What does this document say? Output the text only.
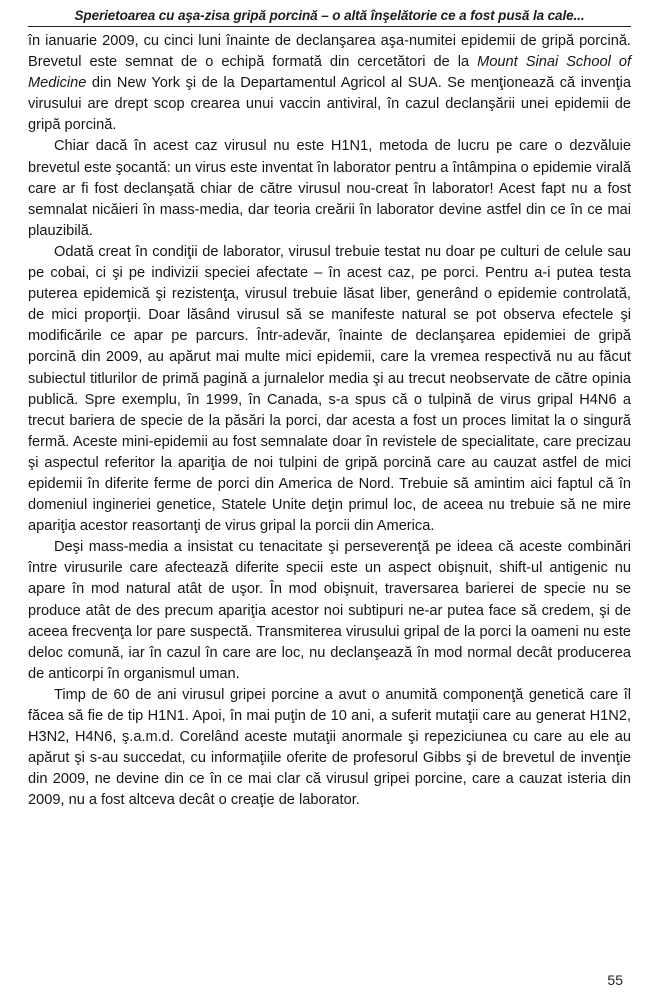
Sperietoarea cu aşa-zisa gripă porcină – o altă înşelătorie ce a fost pusă la cale...

în ianuarie 2009, cu cinci luni înainte de declanşarea aşa-numitei epidemii de gripă porcină. Brevetul este semnat de o echipă formată din cercetători de la Mount Sinai School of Medicine din New York şi de la Departamentul Agricol al SUA. Se menţionează că invenţia virusului are drept scop crearea unui vaccin antiviral, în cazul declanşării unei epidemii de gripă porcină.

Chiar dacă în acest caz virusul nu este H1N1, metoda de lucru pe care o dezvăluie brevetul este şocantă: un virus este inventat în laborator pentru a întâmpina o epidemie virală care ar fi fost declanşată chiar de către virusul nou-creat în laborator! Acest fapt nu a fost semnalat nicăieri în mass-media, dar teoria creării în laborator devine astfel din ce în ce mai plauzibilă.

Odată creat în condiţii de laborator, virusul trebuie testat nu doar pe culturi de celule sau pe cobai, ci şi pe indivizii speciei afectate – în acest caz, pe porci. Pentru a-i putea testa puterea epidemică şi rezistenţa, virusul trebuie lăsat liber, generând o epidemie controlată, de mici proporţii. Doar lăsând virusul să se manifeste natural se pot observa efectele şi modificările ce apar pe parcurs. Într-adevăr, înainte de declanşarea epidemiei de gripă porcină din 2009, au apărut mai multe mici epidemii, care la vremea respectivă nu au făcut subiectul titlurilor de primă pagină a jurnalelor media şi au trecut neobservate de către opinia publică. Spre exemplu, în 1999, în Canada, s-a spus că o tulpină de virus gripal H4N6 a trecut bariera de specie de la păsări la porci, dar acesta a fost un proces limitat la o singură fermă. Aceste mini-epidemii au fost semnalate doar în revistele de specialitate, care precizau şi aspectul referitor la apariţia de noi tulpini de gripă porcină care au cauzat astfel de mici epidemii în diferite ferme de porci din America de Nord. Trebuie să amintim aici faptul că în domeniul ingineriei genetice, Statele Unite deţin primul loc, de aceea nu trebuie să ne mire apariţia acestor reasortanţi de virus gripal la porcii din America.

Deşi mass-media a insistat cu tenacitate şi perseverenţă pe ideea că aceste combinări între virusurile care afectează diferite specii este un aspect obişnuit, shift-ul antigenic nu apare în mod natural atât de uşor. În mod obişnuit, traversarea barierei de specie nu se produce atât de des precum apariţia acestor noi subtipuri ne-ar putea face să credem, şi de aceea frecvenţa lor pare suspectă. Transmiterea virusului gripal de la porci la oameni nu este deloc comună, iar în cazul în care are loc, nu declanşează în mod normal decât producerea de anticorpi în organismul uman.

Timp de 60 de ani virusul gripei porcine a avut o anumită componenţă genetică care îl făcea să fie de tip H1N1. Apoi, în mai puţin de 10 ani, a suferit mutaţii care au generat H1N2, H3N2, H4N6, ş.a.m.d. Corelând aceste mutaţii anormale şi repeziciunea cu care au ele au apărut şi s-au succedat, cu informaţiile oferite de profesorul Gibbs şi de brevetul de invenţie din 2009, ne devine din ce în ce mai clar că virusul gripei porcine, care a cauzat isteria din 2009, nu a fost altceva decât o creaţie de laborator.

55
